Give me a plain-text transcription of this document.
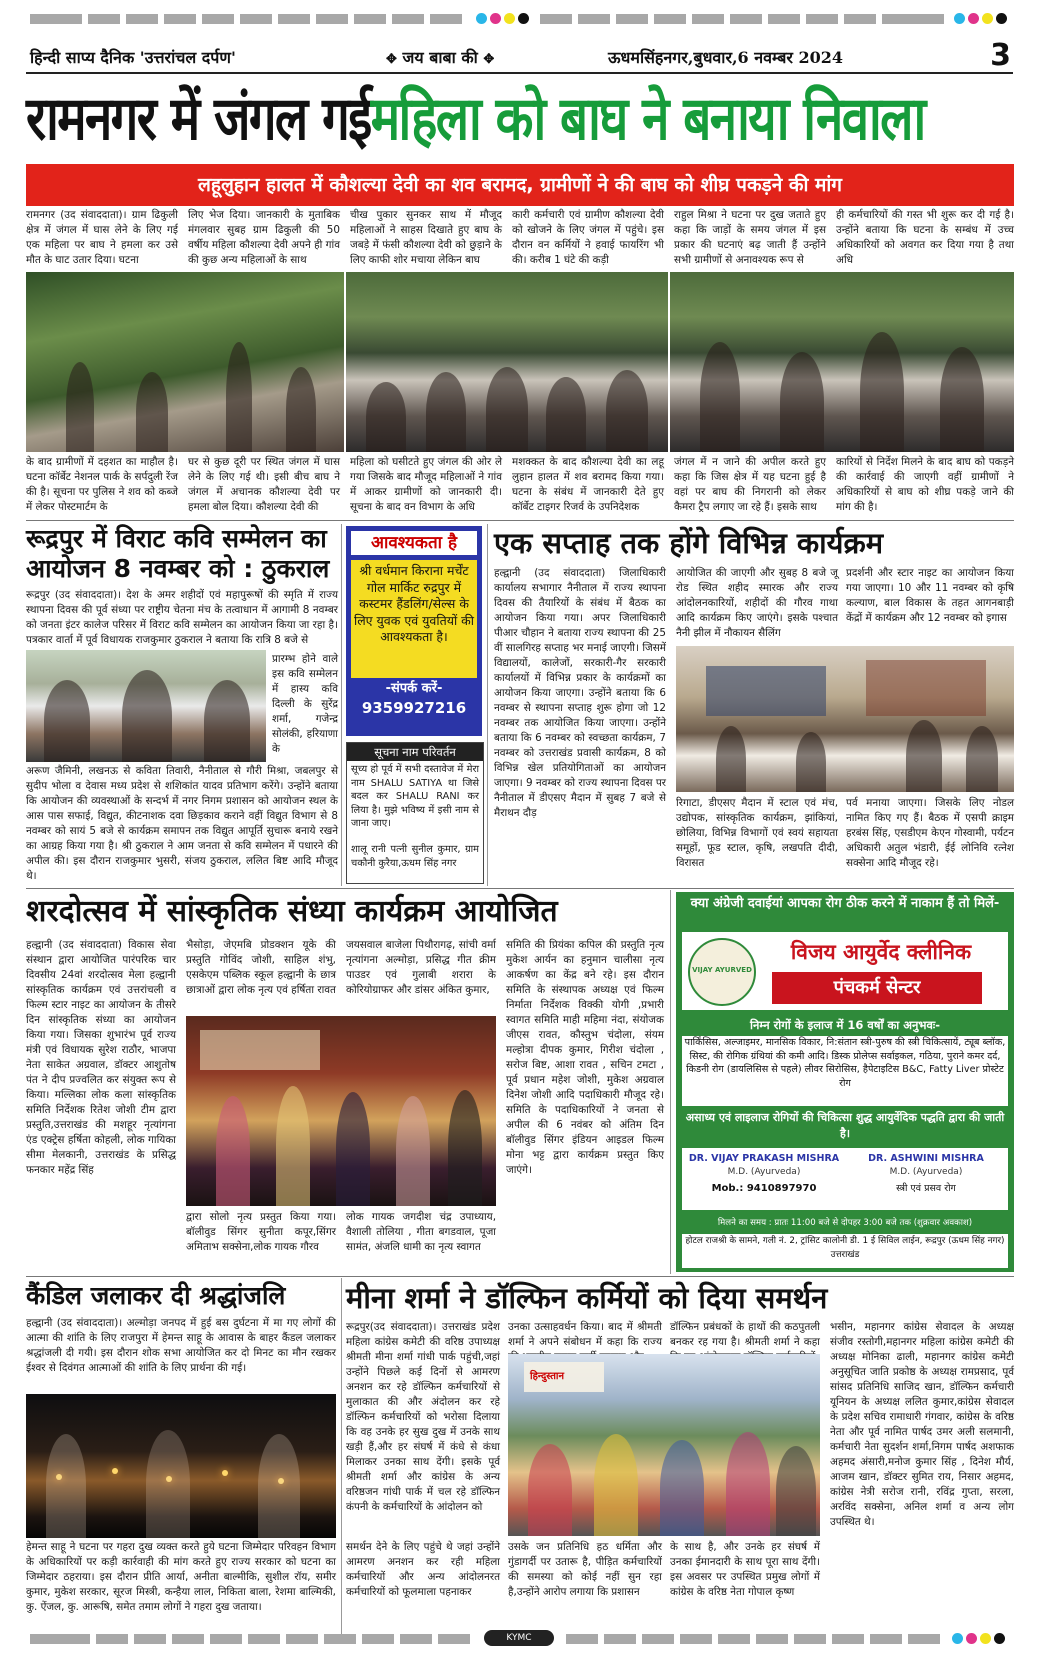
हिन्दी साप्य दैनिक 'उत्तरांचल दर्पण'	✥ जय बाबा की ✥	ऊधमसिंहनगर,बुधवार,6 नवम्बर 2024	3
रामनगर में जंगल गईमहिला को बाघ ने बनाया निवाला
लहूलुहान हालत में कौशल्या देवी का शव बरामद, ग्रामीणों ने की बाघ को शीघ्र पकड़ने की मांग
रामनगर (उद संवाददाता)। ग्राम ढिकुली क्षेत्र में जंगल में घास लेने के लिए गई एक महिला पर बाघ ने हमला कर उसे मौत के घाट उतार दिया। घटना
लिए भेज दिया। जानकारी के मुताबिक मंगलवार सुबह ग्राम ढिकुली की 50 वर्षीय महिला कौशल्या देवी अपने ही गांव की कुछ अन्य महिलाओं के साथ
चीख पुकार सुनकर साथ में मौजूद महिलाओं ने साहस दिखाते हुए बाघ के जबड़े में फंसी कौशल्या देवी को छुड़ाने के लिए काफी शोर मचाया लेकिन बाघ
कारी कर्मचारी एवं ग्रामीण कौशल्या देवी को खोजने के लिए जंगल में पहुंचे। इस दौरान वन कर्मियों ने हवाई फायरिंग भी की। करीब 1 घंटे की कड़ी
राहुल मिश्रा ने घटना पर दुख जताते हुए कहा कि जाड़ों के समय जंगल में इस प्रकार की घटनाएं बढ़ जाती हैं उन्होंने सभी ग्रामीणों से अनावश्यक रूप से
ही कर्मचारियों की गस्त भी शुरू कर दी गई है। उन्होंने बताया कि घटना के सम्बंध में उच्च अधिकारियों को अवगत कर दिया गया है तथा अधि
के बाद ग्रामीणों में दहशत का माहौल है। घटना कॉर्बेट नेशनल पार्क के सर्पदुली रेंज की है। सूचना पर पुलिस ने शव को कब्जे में लेकर पोस्टमार्टम के
घर से कुछ दूरी पर स्थित जंगल में घास लेने के लिए गई थी। इसी बीच बाघ ने जंगल में अचानक कौशल्या देवी पर हमला बोल दिया। कौशल्या देवी की
महिला को घसीटते हुए जंगल की ओर ले गया जिसके बाद मौजूद महिलाओं ने गांव में आकर ग्रामीणों को जानकारी दी। सूचना के बाद वन विभाग के अधि
मशक्कत के बाद कौशल्या देवी का लहू लुहान हालत में शव बरामद किया गया। घटना के संबंध में जानकारी देते हुए कॉर्बेट टाइगर रिजर्व के उपनिदेशक
जंगल में न जाने की अपील करते हुए कहा कि जिस क्षेत्र में यह घटना हुई है वहां पर बाघ की निगरानी को लेकर कैमरा ट्रैप लगाए जा रहे हैं। इसके साथ
कारियों से निर्देश मिलने के बाद बाघ को पकड़ने की कार्रवाई की जाएगी वहीं ग्रामीणों ने अधिकारियों से बाघ को शीघ्र पकड़े जाने की मांग की है।
रूद्रपुर में विराट कवि सम्मेलन का
आयोजन 8 नवम्बर को : ठुकराल
रूद्रपुर (उद संवाददाता)। देश के अमर शहीदों एवं महापुरूषों की स्मृति में राज्य स्थापना दिवस की पूर्व संध्या पर राष्ट्रीय चेतना मंच के तत्वाधान में आगामी 8 नवम्बर को जनता इंटर कालेज परिसर में विराट कवि सम्मेलन का आयोजन किया जा रहा है। पत्रकार वार्ता में पूर्व विधायक राजकुमार ठुकराल ने बताया कि रात्रि 8 बजे से
प्रारम्भ होने वाले इस कवि सम्मेलन में हास्य कवि दिल्ली के सुरेंद्र शर्मा, गजेन्द्र सोलंकी, हरियाणा के
अरूण जैमिनी, लखनऊ से कविता तिवारी, नैनीताल से गौरी मिश्रा, जबलपुर से सुदीप भोला व देवास मध्य प्रदेश से शशिकांत यादव प्रतिभाग करेंगे। उन्होंने बताया कि आयोजन की व्यवस्थाओं के सन्दर्भ में नगर निगम प्रशासन को आयोजन स्थल के आस पास सफाई, विद्युत, कीटनाशक दवा छिड़काव कराने वहीं विद्युत विभाग से 8 नवम्बर को सायं 5 बजे से कार्यक्रम समापन तक विद्युत आपूर्ति सुचारू बनाये रखने का आग्रह किया गया है। श्री ठुकराल ने आम जनता से कवि सम्मेलन में पधारने की अपील की। इस दौरान राजकुमार भुसरी, संजय ठुकराल, ललित बिष्ट आदि मौजूद थे।
आवश्यकता है
श्री वर्धमान किराना मर्चेंट गोल मार्किट रुद्रपुर में कस्टमर हैंडलिंग/सेल्स के लिए युवक एवं युवतियों की आवश्यकता है।
-संपर्क करें-
9359927216
सूचना नाम परिवर्तन
सूच्य हो पूर्व में सभी दस्तावेज में मेरा नाम SHALU SATIYA था जिसे बदल कर SHALU RANI कर लिया है। मुझे भविष्य में इसी नाम से जाना जाए।
शालू रानी पत्नी सुनील कुमार, ग्राम चकौनी कुरैया,ऊधम सिंह नगर
एक सप्ताह तक होंगे विभिन्न कार्यक्रम
हल्द्वानी (उद संवाददाता) जिलाधिकारी कार्यालय सभागार नैनीताल में राज्य स्थापना दिवस की तैयारियों के संबंध में बैठक का आयोजन किया गया। अपर जिलाधिकारी पीआर चौहान ने बताया राज्य स्थापना की 25 वीं सालगिरह सप्ताह भर मनाई जाएगी। जिसमें विद्यालयों, कालेजों, सरकारी-गैर सरकारी कार्यालयों में विभिन्न प्रकार के कार्यक्रमों का आयोजन किया जाएगा। उन्होंने बताया कि 6 नवम्बर से स्थापना सप्ताह शुरू होगा जो 12 नवम्बर तक आयोजित किया जाएगा। उन्होंने बताया कि 6 नवम्बर को स्वच्छता कार्यक्रम, 7 नवम्बर को उत्तराखंड प्रवासी कार्यक्रम, 8 को विभिन्न खेल प्रतियोगिताओं का आयोजन जाएगा। 9 नवम्बर को राज्य स्थापना दिवस पर नैनीताल में डीएसए मैदान में सुबह 7 बजे से मैराथन दौड़
आयोजित की जाएगी और सुबह 8 बजे जू रोड स्थित शहीद स्मारक और राज्य आंदोलनकारियों, शहीदों की गौरव गाथा आदि कार्यक्रम किए जाएंगे। इसके पश्चात नैनी झील में नौकायन सैलिंग
प्रदर्शनी और स्टार नाइट का आयोजन किया गया जाएगा। 10 और 11 नवम्बर को कृषि कल्याण, बाल विकास के तहत आगनबाड़ी केंद्रों में कार्यक्रम और 12 नवम्बर को इगास
रिगाटा, डीएसए मैदान में स्टाल एवं मंच, उद्योपक, सांस्कृतिक कार्यक्रम, झांकियां, छोलिया, विभिन्न विभागों एवं स्वयं सहायता समूहों, फूड स्टाल, कृषि, लखपति दीदी, विरासत
पर्व मनाया जाएगा। जिसके लिए नोडल नामित किए गए हैं। बैठक में एसपी क्राइम हरबंस सिंह, एसडीएम केएन गोस्वामी, पर्यटन अधिकारी अतुल भंडारी, ईई लोनिवि रत्नेश सक्सेना आदि मौजूद रहे।
शरदोत्सव में सांस्कृतिक संध्या कार्यक्रम आयोजित
हल्द्वानी (उद संवाददाता) विकास सेवा संस्थान द्वारा आयोजित पारंपरिक चार दिवसीय 24वां शरदोत्सव मेला हल्द्वानी सांस्कृतिक कार्यक्रम एवं उत्तरांचली व फिल्म स्टार नाइट का आयोजन के तीसरे दिन सांस्कृतिक संध्या का आयोजन किया गया। जिसका शुभारंभ पूर्व राज्य मंत्री एवं विधायक सुरेश राठौर, भाजपा नेता साकेत अग्रवाल, डॉक्टर आशुतोष पंत ने दीप प्रज्वलित कर संयुक्त रूप से किया। मल्लिका लोक कला सांस्कृतिक समिति निर्देशक रितेश जोशी टीम द्वारा प्रस्तुति,उत्तराखंड की मशहूर नृत्यांगना एंड एक्ट्रेस हर्षिता कोहली, लोक गायिका सीमा मेलकानी, उत्तराखंड के प्रसिद्ध फनकार महेंद्र सिंह
भैसोड़ा, जेएमबि प्रोडक्शन यूके की प्रस्तुति गोविंद जोशी, साहिल शंभु, एसकेएम पब्लिक स्कूल हल्द्वानी के छात्र छात्राओं द्वारा लोक नृत्य एवं हर्षिता रावत
जयसवाल बाजेला पिथौरागढ़, सांची वर्मा नृत्यांगना अल्मोड़ा, प्रसिद्ध गीत क्रीम पाउडर एवं गुलाबी शरारा के कोरियोग्राफर और डांसर अंकित कुमार,
द्वारा सोलो नृत्य प्रस्तुत किया गया।बॉलीवुड सिंगर सुनीता कपूर,सिंगर अमिताभ सक्सेना,लोक गायक गौरव
लोक गायक जगदीश चंद्र उपाध्याय, वैशाली तोलिया , गीता बगडवाल, पूजा सामंत, अंजलि धामी का नृत्य स्वागत
समिति की प्रियंका कपिल की प्रस्तुति नृत्य मुकेश आर्यन का हनुमान चालीसा नृत्य आकर्षण का केंद्र बने रहे। इस दौरान समिति के संस्थापक अध्यक्ष एवं फिल्म निर्माता निर्देशक विक्की योगी ,प्रभारी स्वागत समिति माही महिमा नंदा, संयोजक जीएस रावत, कौस्तुभ चंदोला, संयम मल्होत्रा दीपक कुमार, गिरीश चंदोला , सरोज बिष्ट, आशा रावत , सचिन टमटा , पूर्व प्रधान महेश जोशी, मुकेश अग्रवाल दिनेश जोशी आदि पदाधिकारी मौजूद रहे।समिति के पदाधिकारियों ने जनता से अपील की 6 नवंबर को अंतिम दिन बॉलीवुड सिंगर इंडियन आइडल फिल्म मोना भट्ट द्वारा कार्यक्रम प्रस्तुत किए जाएंगे।
क्या अंग्रेजी दवाईयां आपका रोग ठीक करने में नाकाम हैं तो मिलें-
VIJAY AYURVED
विजय आयुर्वेद क्लीनिक
पंचकर्म सेन्टर
निम्न रोगों के इलाज में 16 वर्षों का अनुभवः-
पार्किंसिस, अल्जाइमर, मानसिक विकार, नि:संतान स्त्री-पुरुष की स्त्री चिकित्सायें, ट्यूब ब्लॉक, सिस्ट, की रोगिक ग्रंथियां की कमी आदि। डिस्क प्रोलेप्स सर्वाइकल, गठिया, पुराने कमर दर्द, किडनी रोग (डायलिसिस से पहले) लीवर सिरोसिस, हैपेटाइटिस B&C, Fatty Liver प्रोस्टेट रोग
असाध्य एवं लाइलाज रोगियों की चिकित्सा शुद्ध आयुर्वेदिक पद्धति द्वारा की जाती है।
DR. VIJAY PRAKASH MISHRA
M.D. (Ayurveda)
Mob.: 9410897970
DR. ASHWINI MISHRA
M.D. (Ayurveda)
स्त्री एवं प्रसव रोग
मिलने का समय : प्रातः 11:00 बजे से दोपहर 3:00 बजे तक (शुक्रवार अवकाश)
होटल राजश्री के सामने, गली नं. 2, ट्रांसिट कालोनी डी. 1 ई सिविल लाईन, रूद्रपुर (ऊधम सिंह नगर) उत्तराखंड
कैंडिल जलाकर दी श्रद्धांजलि
हल्द्वानी (उद संवाददाता)। अल्मोड़ा जनपद में हुई बस दुर्घटना में मा गए लोगों की आत्मा की शांति के लिए राजपुरा में हेमन्त साहू के आवास के बाहर कैंडल जलाकर श्रद्धांजली दी गयी। इस दौरान शोक सभा आयोजित कर दो मिनट का मौन रखकर ईश्वर से दिवंगत आत्माओं की शांति के लिए प्रार्थना की गई।
हेमन्त साहू ने घटना पर गहरा दुख व्यक्त करते हुये घटना जिम्मेदार परिवहन विभाग के अधिकारियों पर कड़ी कार्रवाही की मांग करते हुए राज्य सरकार को घटना का जिम्मेदार ठहराया। इस दौरान प्रीति आर्या, अनीता बाल्मीकि, सुशील रॉय, समीर कुमार, मुकेश सरकार, सूरज मिस्त्री, कन्हैया लाल, निकिता बाला, रेशमा बाल्मिकी, कु. ऐंजल, कु. आरूषि, समेत तमाम लोगों ने गहरा दुख जताया।
मीना शर्मा ने डॉल्फिन कर्मियों को दिया समर्थन
रूद्रपुर(उद संवाददाता)। उत्तराखंड प्रदेश महिला कांग्रेस कमेटी की वरिष्ठ उपाध्यक्ष श्रीमती मीना शर्मा गांधी पार्क पहुंची,जहां उन्होंने पिछले कई दिनों से आमरण अनशन कर रहे डॉल्फिन कर्मचारियों से मुलाकात की और अंदोलन कर रहे डॉल्फिन कर्मचारियों को भरोसा दिलाया कि वह उनके हर सुख दुख में उनके साथ खड़ी हैं,और हर संघर्ष में कंधे से कंधा मिलाकर उनका साथ देंगी। इसके पूर्व श्रीमती शर्मा और कांग्रेस के अन्य वरिष्ठजन गांधी पार्क में चल रहे डॉल्फिन कंपनी के कर्मचारियों के आंदोलन को
समर्थन देने के लिए पहुंचे थे जहां उन्होंने आमरण अनशन कर रही महिला कर्मचारियों और अन्य आंदोलनरत कर्मचारियों को फूलमाला पहनाकर
उनका उत्साहवर्धन किया। बाद में श्रीमती शर्मा ने अपने संबोधन में कहा कि राज्य
डॉल्फिन प्रबंधकों के हाथों की कठपुतली बनकर रह गया है। श्रीमती शर्मा ने कहा
हिन्दुस्तान
उसके जन प्रतिनिधि हठ धर्मिता और गुंडागर्दी पर उतारू है, पीड़ित कर्मचारियों की समस्या को कोई नहीं सुन रहा है,उन्होंने आरोप लगाया कि प्रशासन
के साथ है, और उनके हर संघर्ष में उनका ईमानदारी के साथ पूरा साथ देंगी। इस अवसर पर उपस्थित प्रमुख लोगों में कांग्रेस के वरिष्ठ नेता गोपाल कृष्ण
भसीन, महानगर कांग्रेस सेवादल के अध्यक्ष संजीव रस्तोगी,महानगर महिला कांग्रेस कमेटी की अध्यक्ष मोनिका ढाली, महानगर कांग्रेस कमेटी अनुसूचित जाति प्रकोष्ठ के अध्यक्ष रामप्रसाद, पूर्व सांसद प्रतिनिधि साजिद खान, डॉल्फिन कर्मचारी यूनियन के अध्यक्ष ललित कुमार,कांग्रेस सेवादल के प्रदेश सचिव रामाधारी गंगवार, कांग्रेस के वरिष्ठ नेता और पूर्व नामित पार्षद उमर अली सलमानी, कर्मचारी नेता सुदर्शन शर्मा,निगम पार्षद अशफाक अहमद अंसारी,मनोज कुमार सिंह , दिनेश मौर्य, आजम खान, डॉक्टर सुमित राय, निसार अहमद, कांग्रेस नेत्री सरोज रानी, रविंद्र गुप्ता, सरला, अरविंद सक्सेना, अनिल शर्मा व अन्य लोग उपस्थित थे।
KYMC
